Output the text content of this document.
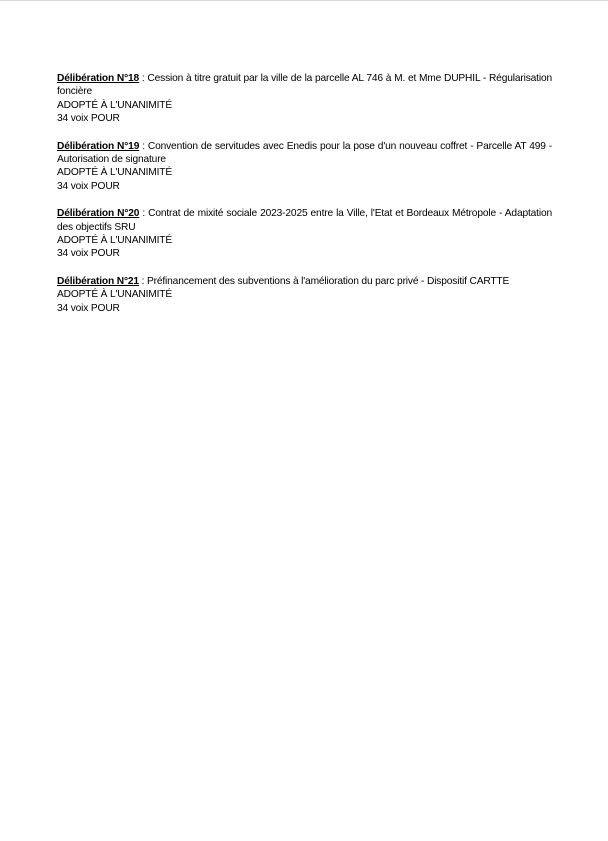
Délibération N°18 : Cession à titre gratuit par la ville de la parcelle AL 746 à M. et Mme DUPHIL - Régularisation foncière
ADOPTÉ À L'UNANIMITÉ
34 voix POUR
Délibération N°19 : Convention de servitudes avec Enedis pour la pose d'un nouveau coffret - Parcelle AT 499 - Autorisation de signature
ADOPTÉ À L'UNANIMITÉ
34 voix POUR
Délibération N°20 : Contrat de mixité sociale 2023-2025 entre la Ville, l'Etat et Bordeaux Métropole - Adaptation des objectifs SRU
ADOPTÉ À L'UNANIMITÉ
34 voix POUR
Délibération N°21 : Préfinancement des subventions à l'amélioration du parc privé - Dispositif CARTTE
ADOPTÉ À L'UNANIMITÉ
34 voix POUR
